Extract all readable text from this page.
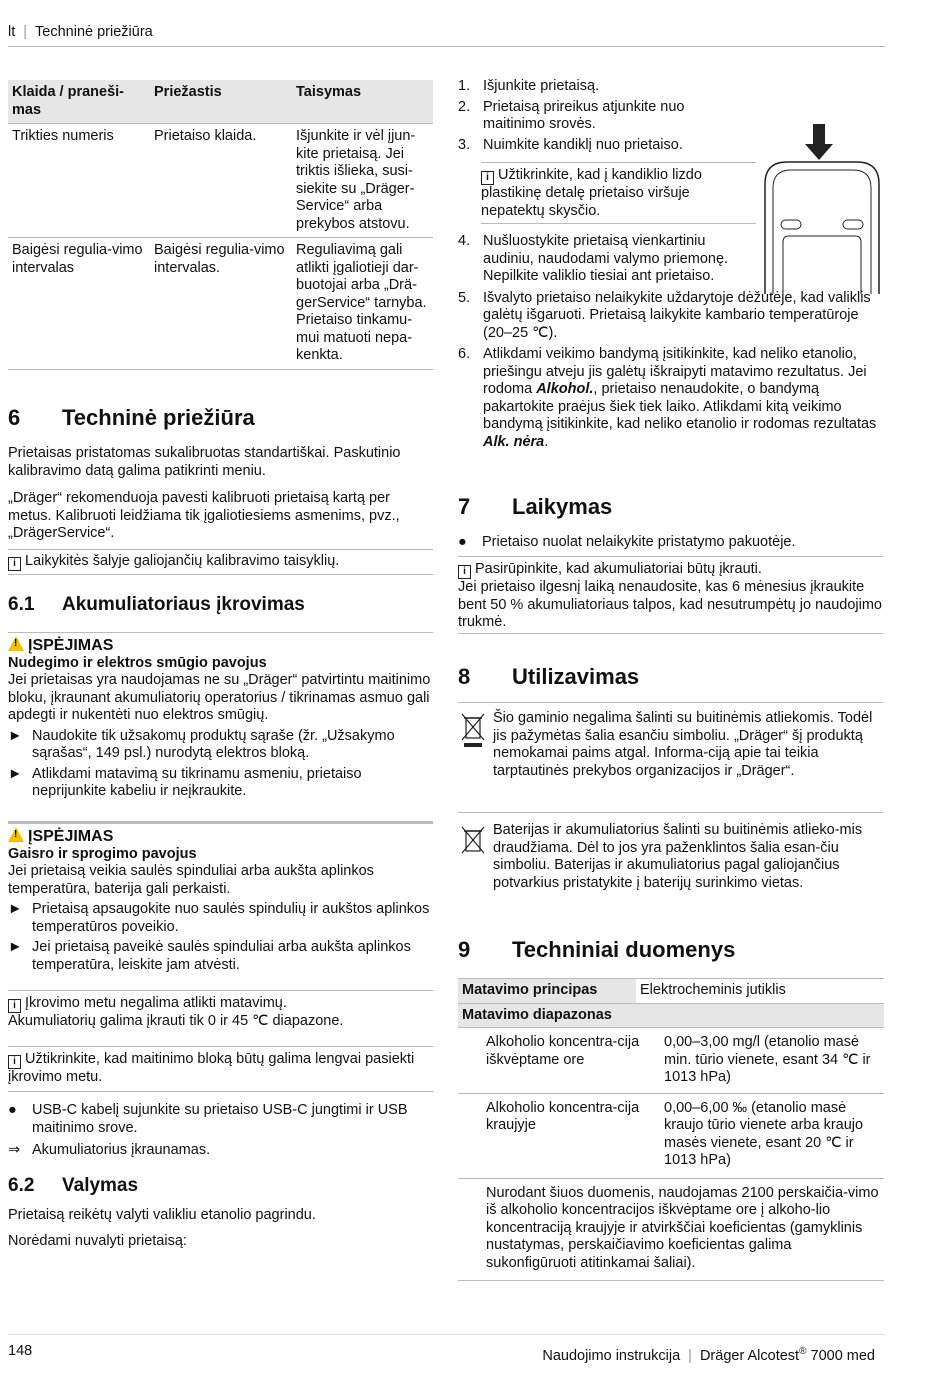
lt | Techninė priežiūra
Klaida / praneši-mas	Priežastis	Taisymas
Trikties numeris	Prietaiso klaida.	Išjunkite ir vėl įjun-kite prietaisą. Jei triktis išlieka, susi-siekite su „Dräger-Service“ arba prekybos atstovu.
Baigėsi regulia-vimo intervalas	Baigėsi regulia-vimo intervalas.	Reguliavimą gali atlikti įgaliotieji dar-buotojai arba „Drä-gerService“ tarnyba. Prietaiso tinkamu-mui matuoti nepa-kenkta.
6 Techninė priežiūra

Prietaisas pristatomas sukalibruotas standartiškai. Paskutinio kalibravimo datą galima patikrinti meniu.

„Dräger“ rekomenduoja pavesti kalibruoti prietaisą kartą per metus. Kalibruoti leidžiama tik įgaliotiesiems asmenims, pvz., „DrägerService“.

i Laikykitės šalyje galiojančių kalibravimo taisyklių.
6.1 Akumuliatoriaus įkrovimas
!ĮSPĖJIMAS

Nudegimo ir elektros smūgio pavojus

Jei prietaisas yra naudojamas ne su „Dräger“ patvirtintu maitinimo bloku, įkraunant akumuliatorių operatorius / tikrinamas asmuo gali apdegti ir nukentėti nuo elektros smūgių.

► Naudokite tik užsakomų produktų sąraše (žr. „Užsakymo sąrašas“, 149 psl.) nurodytą elektros bloką.
► Atlikdami matavimą su tikrinamu asmeniu, prietaiso neprijunkite kabeliu ir neįkraukite.
!ĮSPĖJIMAS

Gaisro ir sprogimo pavojus

Jei prietaisą veikia saulės spinduliai arba aukšta aplinkos temperatūra, baterija gali perkaisti.

► Prietaisą apsaugokite nuo saulės spindulių ir aukštos aplinkos temperatūros poveikio.
► Jei prietaisą paveikė saulės spinduliai arba aukšta aplinkos temperatūra, leiskite jam atvėsti.

i Įkrovimo metu negalima atlikti matavimų.

Akumuliatorių galima įkrauti tik 0 ir 45 ℃ diapazone.

i Užtikrinkite, kad maitinimo bloką būtų galima lengvai pasiekti įkrovimo metu.

● USB-C kabelį sujunkite su prietaiso USB-C jungtimi ir USB maitinimo srove.
⇒ Akumuliatorius įkraunamas.
6.2 Valymas

Prietaisą reikėtų valyti valikliu etanolio pagrindu.

Norėdami nuvalyti prietaisą:

1. Išjunkite prietaisą.
2. Prietaisą prireikus atjunkite nuo maitinimo srovės.
3. Nuimkite kandiklį nuo prietaiso.

i Užtikrinkite, kad į kandiklio lizdo plastikinę detalę prietaiso viršuje nepatektų skysčio.

4. Nušluostykite prietaisą vienkartiniu audiniu, naudodami valymo priemonę. Nepilkite valiklio tiesiai ant prietaiso.
5. Išvalyto prietaiso nelaikykite uždarytoje dėžutėje, kad valiklis galėtų išgaruoti. Prietaisą laikykite kambario temperatūroje (20–25 ℃).
6. Atlikdami veikimo bandymą įsitikinkite, kad neliko etanolio, priešingu atveju jis galėtų iškraipyti matavimo rezultatus. Jei rodoma Alkohol., prietaiso nenaudokite, o bandymą pakartokite praėjus šiek tiek laiko. Atlikdami kitą veikimo bandymą įsitikinkite, kad neliko etanolio ir rodomas rezultatas Alk. nėra.
7 Laikymas
● Prietaiso nuolat nelaikykite pristatymo pakuotėje.

i Pasirūpinkite, kad akumuliatoriai būtų įkrauti.

Jei prietaiso ilgesnį laiką nenaudosite, kas 6 mėnesius įkraukite bent 50 % akumuliatoriaus talpos, kad nesutrumpėtų jo naudojimo trukmė.

8 Utilizavimas
Šio gaminio negalima šalinti su buitinėmis atliekomis. Todėl jis pažymėtas šalia esančiu simboliu. „Dräger“ šį produktą nemokamai paims atgal. Informa-ciją apie tai teikia tarptautinės prekybos organizacijos ir „Dräger“.
Baterijas ir akumuliatorius šalinti su buitinėmis atlieko-mis draudžiama. Dėl to jos yra paženklintos šalia esan-čiu simboliu. Baterijas ir akumuliatorius pagal galiojančius potvarkius pristatykite į baterijų surinkimo vietas.
9 Techniniai duomenys
Matavimo principas	Elektrocheminis jutiklis
Matavimo diapazonas

Alkoholio koncentra-cija iškvėptame ore
0,00–3,00 mg/l (etanolio masė min. tūrio vienete, esant 34 ℃ ir 1013 hPa)

Alkoholio koncentra-cija kraujyje
0,00–6,00 ‰ (etanolio masė kraujo tūrio vienete arba kraujo masės vienete, esant 20 ℃ ir 1013 hPa)

Nurodant šiuos duomenis, naudojamas 2100 perskaičia-vimo iš alkoholio koncentracijos iškvėptame ore į alkoho-lio koncentraciją kraujyje ir atvirkščiai koeficientas (gamyklinis nustatymas, perskaičiavimo koeficientas galima sukonfigūruoti atitinkamai šaliai).
148	Naudojimo instrukcija | Dräger Alcotest® 7000 med
